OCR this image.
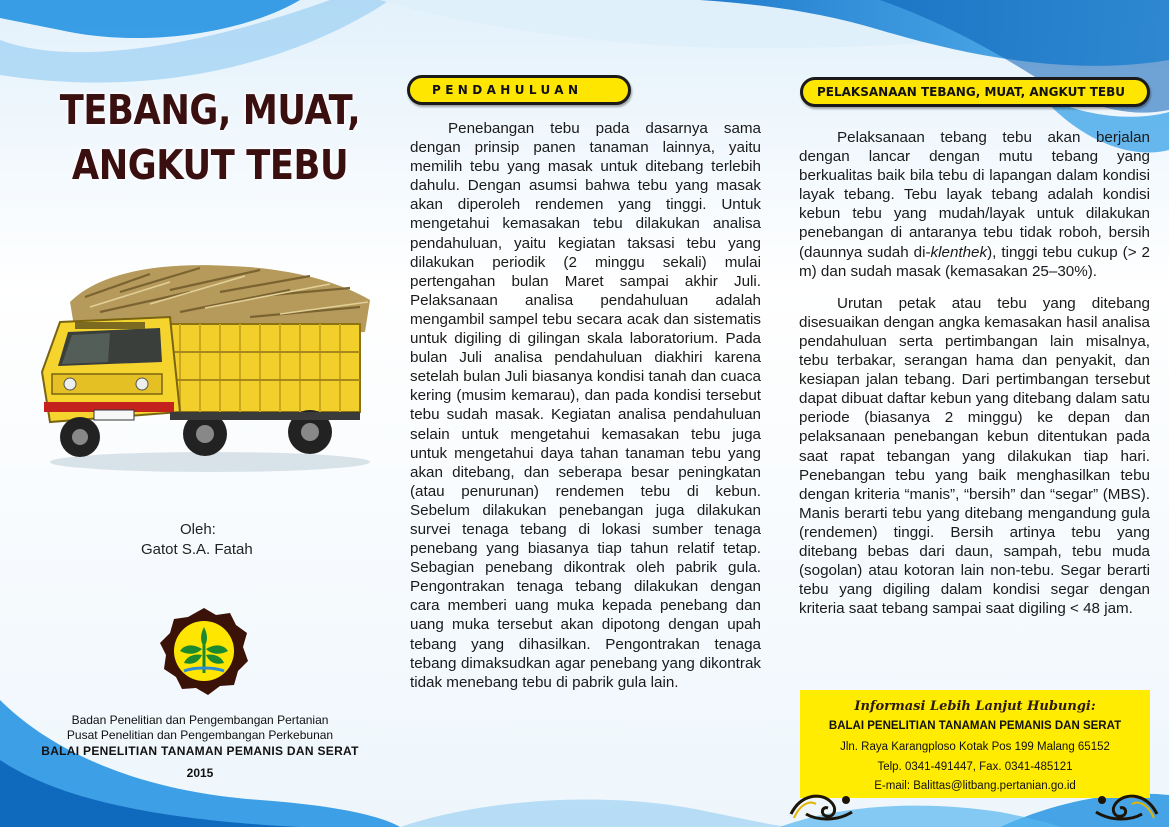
TEBANG, MUAT,
ANGKUT TEBU
Oleh:
Gatot S.A. Fatah
Badan Penelitian dan Pengembangan Pertanian
Pusat Penelitian dan Pengembangan Perkebunan
BALAI PENELITIAN TANAMAN PEMANIS DAN SERAT
2015
PENDAHULUAN

Penebangan tebu pada dasarnya sama dengan prinsip panen tanaman lainnya, yaitu memilih tebu yang masak untuk ditebang terlebih dahulu. Dengan asumsi bahwa tebu yang masak akan diperoleh rendemen yang tinggi. Untuk mengetahui kemasakan tebu dilakukan analisa pendahuluan, yaitu kegiatan taksasi tebu yang dilakukan periodik (2 minggu sekali) mulai pertengahan bulan Maret sampai akhir Juli. Pelaksanaan analisa pendahuluan adalah mengambil sampel tebu secara acak dan sistematis untuk digiling di gilingan skala laboratorium. Pada bulan Juli analisa pendahuluan diakhiri karena setelah bulan Juli biasanya kondisi tanah dan cuaca kering (musim kemarau), dan pada kondisi tersebut tebu sudah masak. Kegiatan analisa pendahuluan selain untuk mengetahui kemasakan tebu juga untuk mengetahui daya tahan tanaman tebu yang akan ditebang, dan seberapa besar peningkatan (atau penurunan) rendemen tebu di kebun. Sebelum dilakukan penebangan juga dilakukan survei tenaga tebang di lokasi sumber tenaga penebang yang biasanya tiap tahun relatif tetap. Sebagian penebang dikontrak oleh pabrik gula. Pengontrakan tenaga tebang dilakukan dengan cara memberi uang muka kepada penebang dan uang muka tersebut akan dipotong dengan upah tebang yang dihasilkan. Pengontrakan tenaga tebang dimaksudkan agar penebang yang dikontrak tidak menebang tebu di pabrik gula lain.

PELAKSANAAN TEBANG, MUAT, ANGKUT TEBU

Pelaksanaan tebang tebu akan berjalan dengan lancar dengan mutu tebang yang berkualitas baik bila tebu di lapangan dalam kondisi layak tebang. Tebu layak tebang adalah kondisi kebun tebu yang mudah/layak untuk dilakukan penebangan di antaranya tebu tidak roboh, bersih (daunnya sudah di-klenthek), tinggi tebu cukup (> 2 m) dan sudah masak (kemasakan 25–30%).

Urutan petak atau tebu yang ditebang disesuaikan dengan angka kemasakan hasil analisa pendahuluan serta pertimbangan lain misalnya, tebu terbakar, serangan hama dan penyakit, dan kesiapan jalan tebang. Dari pertimbangan tersebut dapat dibuat daftar kebun yang ditebang dalam satu periode (biasanya 2 minggu) ke depan dan pelaksanaan penebangan kebun ditentukan pada saat rapat tebangan yang dilakukan tiap hari. Penebangan tebu yang baik menghasilkan tebu dengan kriteria “manis”, “bersih” dan “segar” (MBS). Manis berarti tebu yang ditebang mengandung gula (rendemen) tinggi. Bersih artinya tebu yang ditebang bebas dari daun, sampah, tebu muda (sogolan) atau kotoran lain non-tebu. Segar berarti tebu yang digiling dalam kondisi segar dengan kriteria saat tebang sampai saat digiling < 48 jam.

Informasi Lebih Lanjut Hubungi:
BALAI PENELITIAN TANAMAN PEMANIS DAN SERAT
Jln. Raya Karangploso Kotak Pos 199 Malang 65152
Telp. 0341-491447, Fax. 0341-485121
E-mail: Balittas@litbang.pertanian.go.id
